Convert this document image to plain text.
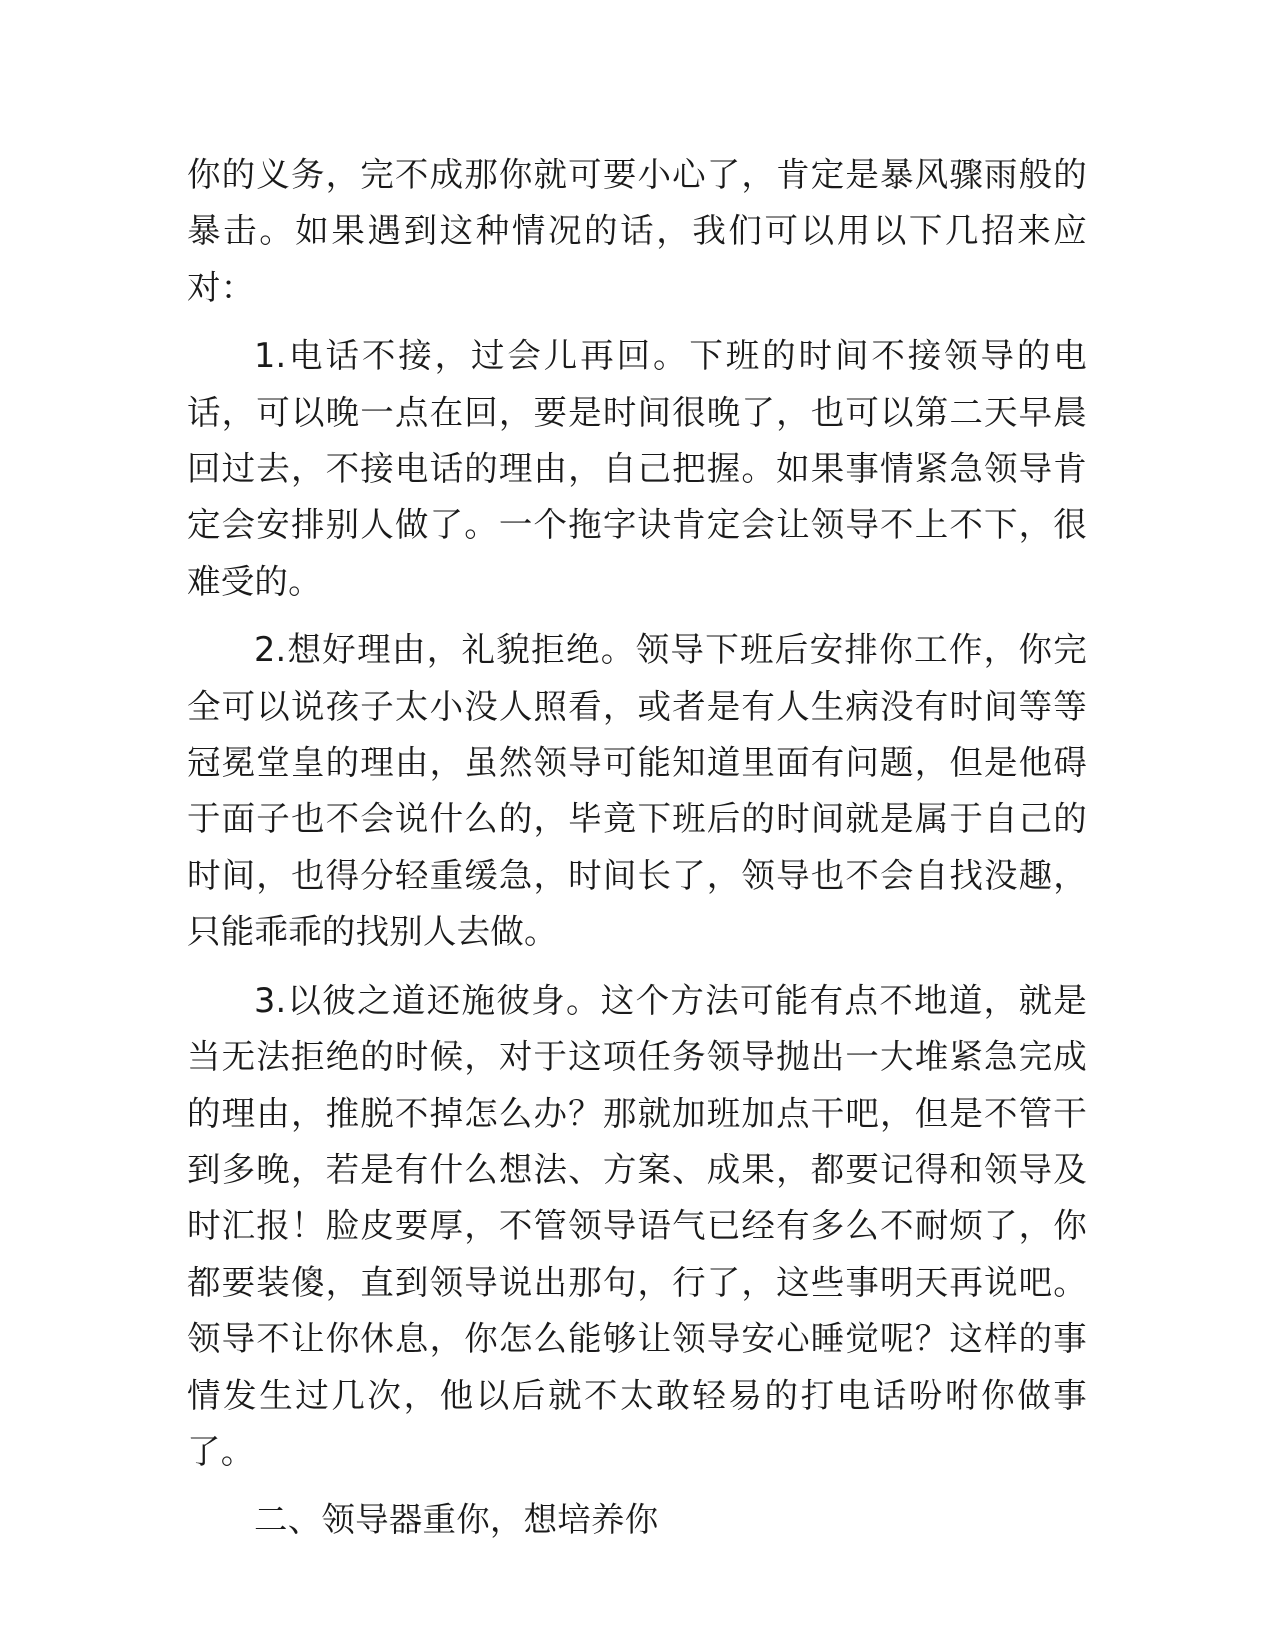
你的义务，完不成那你就可要小心了，肯定是暴风骤雨般的暴击。如果遇到这种情况的话，我们可以用以下几招来应对：

1.电话不接，过会儿再回。下班的时间不接领导的电话，可以晚一点在回，要是时间很晚了，也可以第二天早晨回过去，不接电话的理由，自己把握。如果事情紧急领导肯定会安排别人做了。一个拖字诀肯定会让领导不上不下，很难受的。

2.想好理由，礼貌拒绝。领导下班后安排你工作，你完全可以说孩子太小没人照看，或者是有人生病没有时间等等冠冕堂皇的理由，虽然领导可能知道里面有问题，但是他碍于面子也不会说什么的，毕竟下班后的时间就是属于自己的时间，也得分轻重缓急，时间长了，领导也不会自找没趣，只能乖乖的找别人去做。

3.以彼之道还施彼身。这个方法可能有点不地道，就是当无法拒绝的时候，对于这项任务领导抛出一大堆紧急完成的理由，推脱不掉怎么办？那就加班加点干吧，但是不管干到多晚，若是有什么想法、方案、成果，都要记得和领导及时汇报！脸皮要厚，不管领导语气已经有多么不耐烦了，你都要装傻，直到领导说出那句，行了，这些事明天再说吧。领导不让你休息，你怎么能够让领导安心睡觉呢？这样的事情发生过几次，他以后就不太敢轻易的打电话吩咐你做事了。

二、领导器重你，想培养你
